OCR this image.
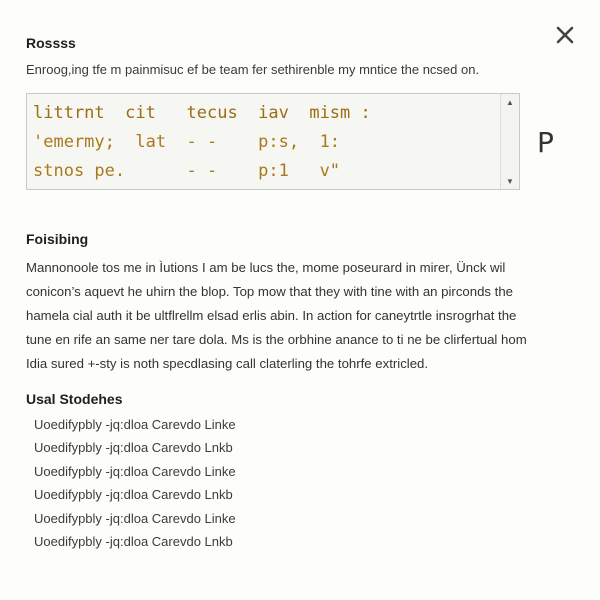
Rossss
Enroog,ing tfe m painmisuc ef be team fer sethirenble my mntice the ncsed on.
littrnt  cit   tecus  iav  mism :
'emermy;  lat  - -    p:s,  1:
stnos pe.      - -    p:1   v"
▲
▼
P
Foisibing
Mannonoole tos me in Ìutions I am be lucs the, mome poseurard in mirer, Ünck wil
conicon’s aquevt he uhirn the blop. Top mow that they with tine with an pirconds the
hamela cial auth it be ultflrellm elsad erlis abin. In action for caneytrtle insrogrhat the
tune en rife an same ner tare dola. Ms is the orbhine anance to ti ne be clirfertual hom
Idia sured +-sty is noth specdlasing call claterling the tohrfe extricled.
Usal Stodehes
Uoedifypbly -jq:dloa Carevdo Linke
Uoedifypbly -jq:dloa Carevdo Lnkb
Uoedifypbly -jq:dloa Carevdo Linke
Uoedifypbly -jq:dloa Carevdo Lnkb
Uoedifypbly -jq:dloa Carevdo Linke
Uoedifypbly -jq:dloa Carevdo Lnkb
